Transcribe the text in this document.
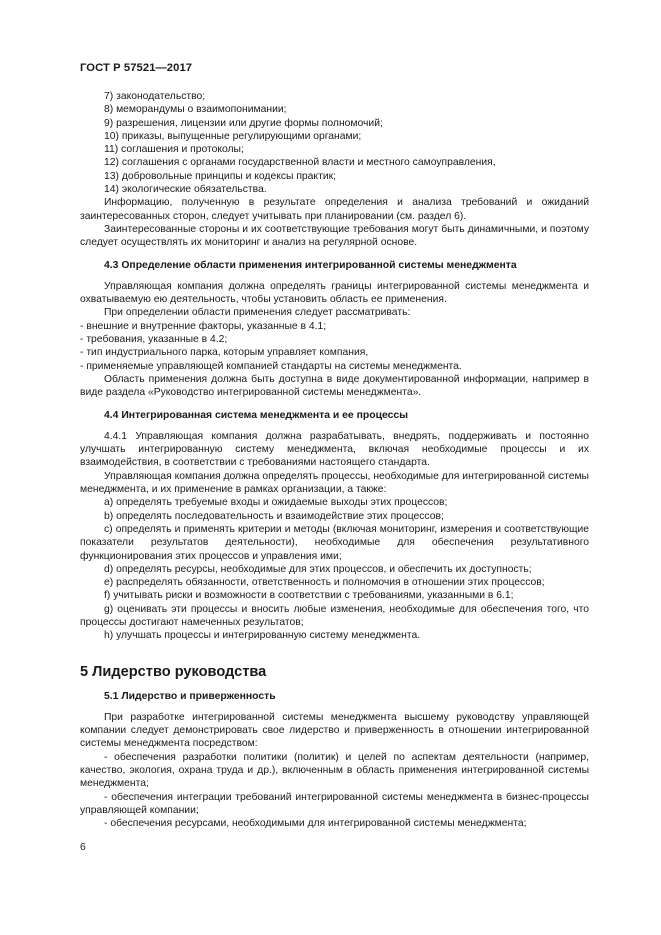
ГОСТ Р 57521—2017

7) законодательство;

8) меморандумы о взаимопонимании;

9) разрешения, лицензии или другие формы полномочий;

10) приказы, выпущенные регулирующими органами;

11) соглашения и протоколы;

12) соглашения с органами государственной власти и местного самоуправления,

13) добровольные принципы и кодексы практик;

14) экологические обязательства.

Информацию, полученную в результате определения и анализа требований и ожиданий заинтересованных сторон, следует учитывать при планировании (см. раздел 6).

Заинтересованные стороны и их соответствующие требования могут быть динамичными, и поэтому следует осуществлять их мониторинг и анализ на регулярной основе.

4.3 Определение области применения интегрированной системы менеджмента

Управляющая компания должна определять границы интегрированной системы менеджмента и охватываемую ею деятельность, чтобы установить область ее применения.

При определении области применения следует рассматривать:

- внешние и внутренние факторы, указанные в 4.1;

- требования, указанные в 4.2;

- тип индустриального парка, которым управляет компания,

- применяемые управляющей компанией стандарты на системы менеджмента.

Область применения должна быть доступна в виде документированной информации, например в виде раздела «Руководство интегрированной системы менеджмента».

4.4 Интегрированная система менеджмента и ее процессы

4.4.1 Управляющая компания должна разрабатывать, внедрять, поддерживать и постоянно улучшать интегрированную систему менеджмента, включая необходимые процессы и их взаимодействия, в соответствии с требованиями настоящего стандарта.

Управляющая компания должна определять процессы, необходимые для интегрированной системы менеджмента, и их применение в рамках организации, а также:

a) определять требуемые входы и ожидаемые выходы этих процессов;

b) определять последовательность и взаимодействие этих процессов;

c) определять и применять критерии и методы (включая мониторинг, измерения и соответствующие показатели результатов деятельности), необходимые для обеспечения результативного функционирования этих процессов и управления ими;

d) определять ресурсы, необходимые для этих процессов, и обеспечить их доступность;

e) распределять обязанности, ответственность и полномочия в отношении этих процессов;

f) учитывать риски и возможности в соответствии с требованиями, указанными в 6.1;

g) оценивать эти процессы и вносить любые изменения, необходимые для обеспечения того, что процессы достигают намеченных результатов;

h) улучшать процессы и интегрированную систему менеджмента.

5 Лидерство руководства
5.1 Лидерство и приверженность

При разработке интегрированной системы менеджмента высшему руководству управляющей компании следует демонстрировать свое лидерство и приверженность в отношении интегрированной системы менеджмента посредством:

- обеспечения разработки политики (политик) и целей по аспектам деятельности (например, качество, экология, охрана труда и др.), включенным в область применения интегрированной системы менеджмента;

- обеспечения интеграции требований интегрированной системы менеджмента в бизнес-процессы управляющей компании;

- обеспечения ресурсами, необходимыми для интегрированной системы менеджмента;

6
